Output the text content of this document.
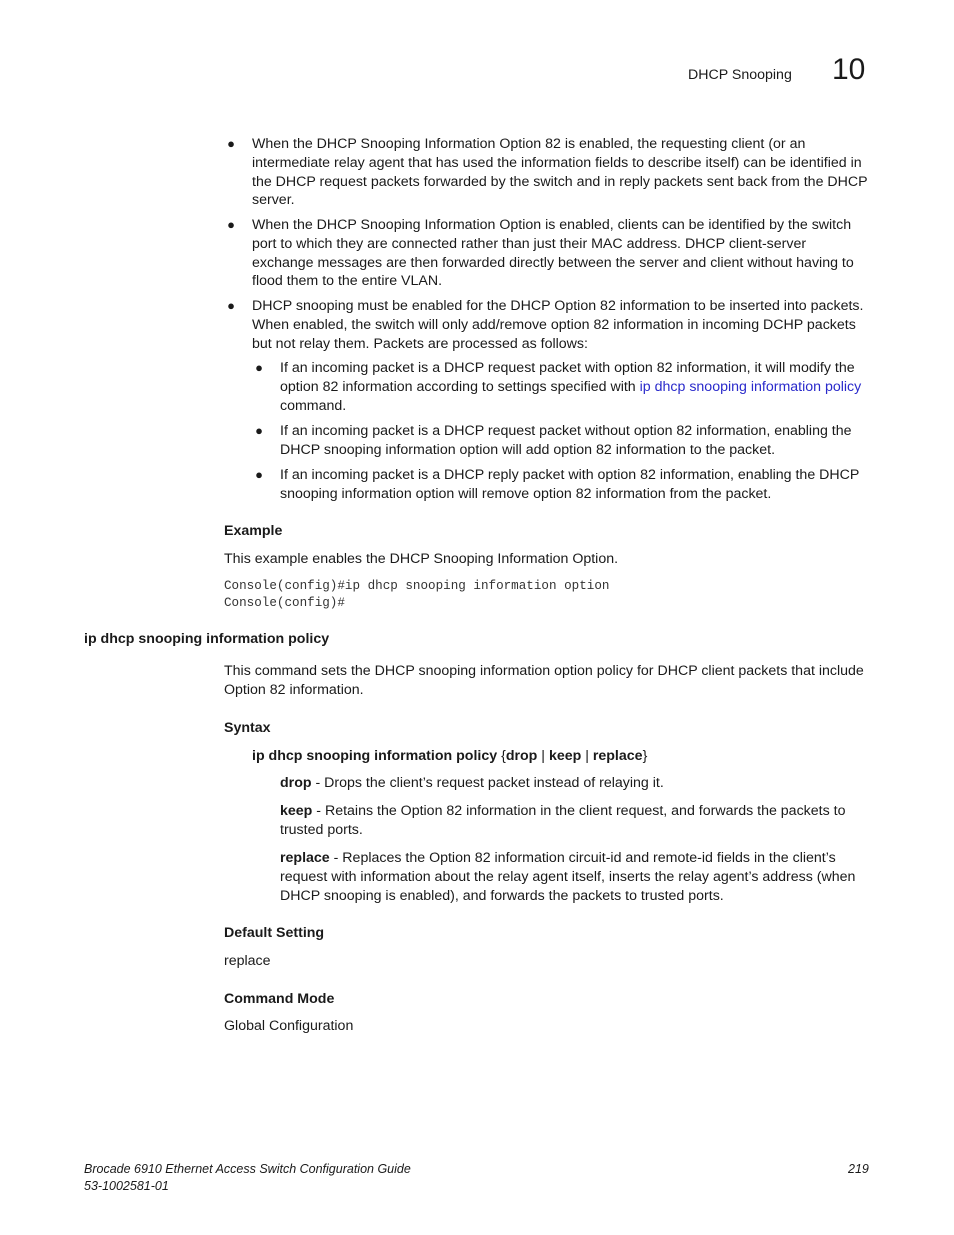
DHCP Snooping 10
● When the DHCP Snooping Information Option 82 is enabled, the requesting client (or an intermediate relay agent that has used the information fields to describe itself) can be identified in the DHCP request packets forwarded by the switch and in reply packets sent back from the DHCP server.
● When the DHCP Snooping Information Option is enabled, clients can be identified by the switch port to which they are connected rather than just their MAC address. DHCP client-server exchange messages are then forwarded directly between the server and client without having to flood them to the entire VLAN.
● DHCP snooping must be enabled for the DHCP Option 82 information to be inserted into packets. When enabled, the switch will only add/remove option 82 information in incoming DCHP packets but not relay them. Packets are processed as follows:
● If an incoming packet is a DHCP request packet with option 82 information, it will modify the option 82 information according to settings specified with ip dhcp snooping information policy command.
● If an incoming packet is a DHCP request packet without option 82 information, enabling the DHCP snooping information option will add option 82 information to the packet.
● If an incoming packet is a DHCP reply packet with option 82 information, enabling the DHCP snooping information option will remove option 82 information from the packet.
Example
This example enables the DHCP Snooping Information Option.
Console(config)#ip dhcp snooping information option
Console(config)#
ip dhcp snooping information policy
This command sets the DHCP snooping information option policy for DHCP client packets that include Option 82 information.
Syntax
ip dhcp snooping information policy {drop | keep | replace}
drop - Drops the client’s request packet instead of relaying it.
keep - Retains the Option 82 information in the client request, and forwards the packets to trusted ports.
replace - Replaces the Option 82 information circuit-id and remote-id fields in the client’s request with information about the relay agent itself, inserts the relay agent’s address (when DHCP snooping is enabled), and forwards the packets to trusted ports.
Default Setting
replace
Command Mode
Global Configuration
Brocade 6910 Ethernet Access Switch Configuration Guide
53-1002581-01
219
